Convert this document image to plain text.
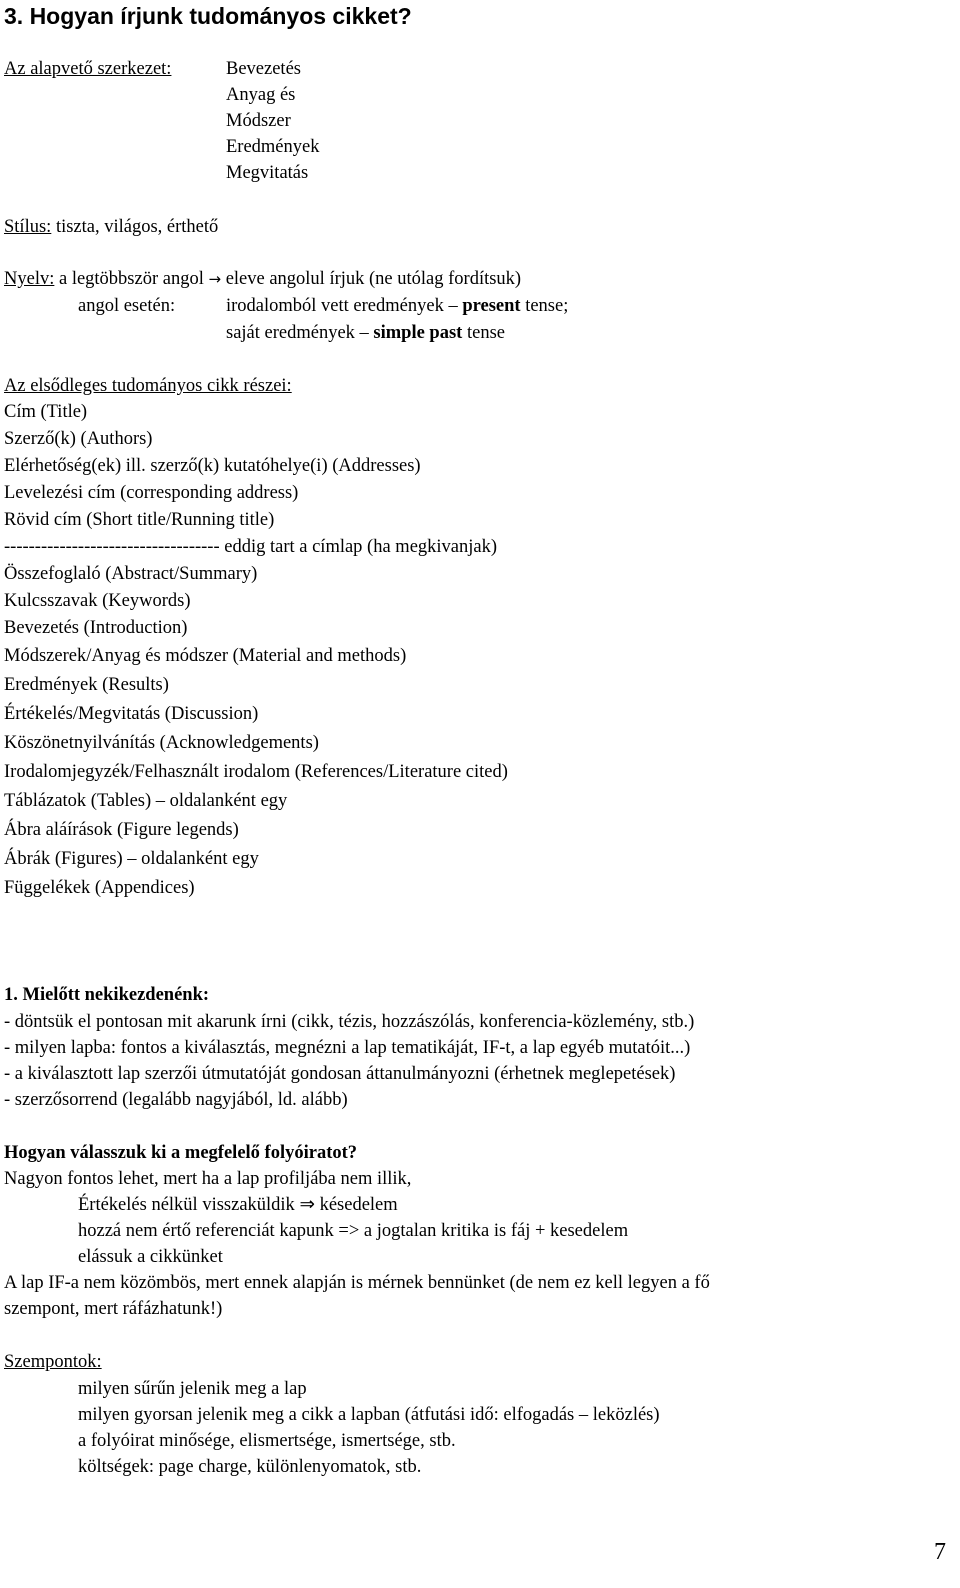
3. Hogyan írjunk tudományos cikket?
Az alapvető szerkezet:	Bevezetés
Anyag és
Módszer
Eredmények
Megvitatás
Stílus: tiszta, világos, érthető
Nyelv: a legtöbbször angol → eleve angolul írjuk (ne utólag fordítsuk)
angol esetén:	irodalomból vett eredmények – present tense;
saját eredmények – simple past tense
Az elsődleges tudományos cikk részei:
Cím (Title)
Szerző(k) (Authors)
Elérhetőség(ek) ill. szerző(k) kutatóhelye(i) (Addresses)
Levelezési cím (corresponding address)
Rövid cím (Short title/Running title)
----------------------------------- eddig tart a címlap (ha megkivanjak)
Összefoglaló (Abstract/Summary)
Kulcsszavak (Keywords)
Bevezetés (Introduction)
Módszerek/Anyag és módszer (Material and methods)
Eredmények (Results)
Értékelés/Megvitatás (Discussion)
Köszönetnyilvánítás (Acknowledgements)
Irodalomjegyzék/Felhasznált irodalom (References/Literature cited)
Táblázatok (Tables) – oldalanként egy
Ábra aláírások (Figure legends)
Ábrák (Figures) – oldalanként egy
Függelékek (Appendices)
1. Mielőtt nekikezdenénk:
- döntsük el pontosan mit akarunk írni (cikk, tézis, hozzászólás, konferencia-közlemény, stb.)
- milyen lapba: fontos a kiválasztás, megnézni a lap tematikáját, IF-t, a lap egyéb mutatóit...)
- a kiválasztott lap szerzői útmutatóját gondosan áttanulmányozni (érhetnek meglepetések)
- szerzősorrend (legalább nagyjából, ld. alább)
Hogyan válasszuk ki a megfelelő folyóiratot?
Nagyon fontos lehet, mert ha a lap profiljába nem illik,
Értékelés nélkül visszaküldik ⇒ késedelem
hozzá nem értő referenciát kapunk => a jogtalan kritika is fáj + kesedelem
elássuk a cikkünket
A lap IF-a nem közömbös, mert ennek alapján is mérnek bennünket (de nem ez kell legyen a fő
szempont, mert ráfázhatunk!)
Szempontok:
milyen sűrűn jelenik meg a lap
milyen gyorsan jelenik meg a cikk a lapban (átfutási idő: elfogadás – leközlés)
a folyóirat minősége, elismertsége, ismertsége, stb.
költségek: page charge, különlenyomatok, stb.
7
